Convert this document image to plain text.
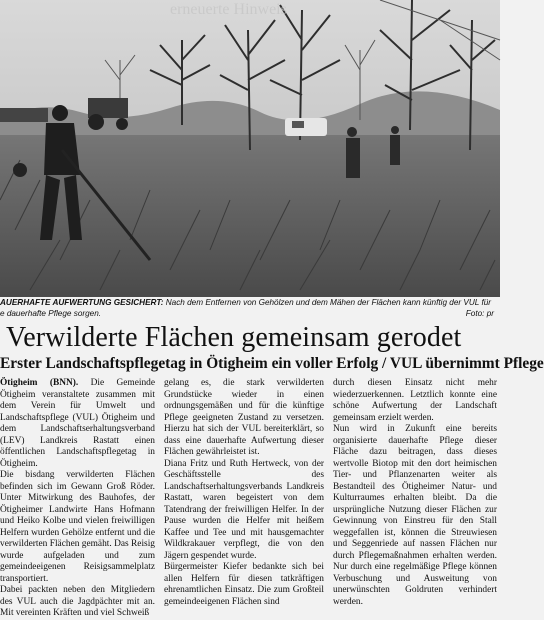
erneuerte Hinweis
AUERHAFTE AUFWERTUNG GESICHERT: Nach dem Entfernen von Gehölzen und dem Mähen der Flächen kann künftig der VUL für
e dauerhafte Pflege sorgen.	Foto: pr
Verwilderte Flächen gemeinsam gerodet
Erster Landschaftspflegetag in Ötigheim ein voller Erfolg / VUL übernimmt Pflege

Ötigheim (BNN). Die Gemeinde Ötigheim veranstaltete zusammen mit dem Verein für Umwelt und Landschaftspflege (VUL) Ötigheim und dem Landschaftserhaltungsverband (LEV) Landkreis Rastatt einen öffentlichen Landschaftspflegetag in Ötigheim.

Die bisdang verwilderten Flächen befinden sich im Gewann Groß Röder. Unter Mitwirkung des Bauhofes, der Ötigheimer Landwirte Hans Hofmann und Heiko Kolbe und vielen freiwilligen Helfern wurden Gehölze entfernt und die verwilderten Flächen gemäht. Das Reisig wurde aufgeladen und zum gemeindeeigenen Reisigsammelplatz transportiert.

Dabei packten neben den Mitgliedern des VUL auch die Jagdpächter mit an. Mit vereinten Kräften und viel Schweiß

gelang es, die stark verwilderten Grundstücke wieder in einen ordnungsgemäßen und für die künftige Pflege geeigneten Zustand zu versetzen. Hierzu hat sich der VUL bereiterklärt, so dass eine dauerhafte Aufwertung dieser Flächen gewährleistet ist.

Diana Fritz und Ruth Hertweck, von der Geschäftsstelle des Landschaftserhaltungsverbands Landkreis Rastatt, waren begeistert von dem Tatendrang der freiwilligen Helfer. In der Pause wurden die Helfer mit heißem Kaffee und Tee und mit hausgemachter Wildkrakauer verpflegt, die von den Jägern gespendet wurde.

Bürgermeister Kiefer bedankte sich bei allen Helfern für diesen tatkräftigen ehrenamtlichen Einsatz. Die zum Großteil gemeindeeigenen Flächen sind

durch diesen Einsatz nicht mehr wiederzuerkennen. Letztlich konnte eine schöne Aufwertung der Landschaft gemeinsam erzielt werden.

Nun wird in Zukunft eine bereits organisierte dauerhafte Pflege dieser Fläche dazu beitragen, dass dieses wertvolle Biotop mit den dort heimischen Tier- und Pflanzenarten weiter als Bestandteil des Ötigheimer Natur- und Kulturraumes erhalten bleibt. Da die ursprüngliche Nutzung dieser Flächen zur Gewinnung von Einstreu für den Stall weggefallen ist, können die Streuwiesen und Seggenriede auf nassen Flächen nur durch Pflegemaßnahmen erhalten werden. Nur durch eine regelmäßige Pflege können Verbuschung und Ausweitung von unerwünschten Goldruten verhindert werden.
